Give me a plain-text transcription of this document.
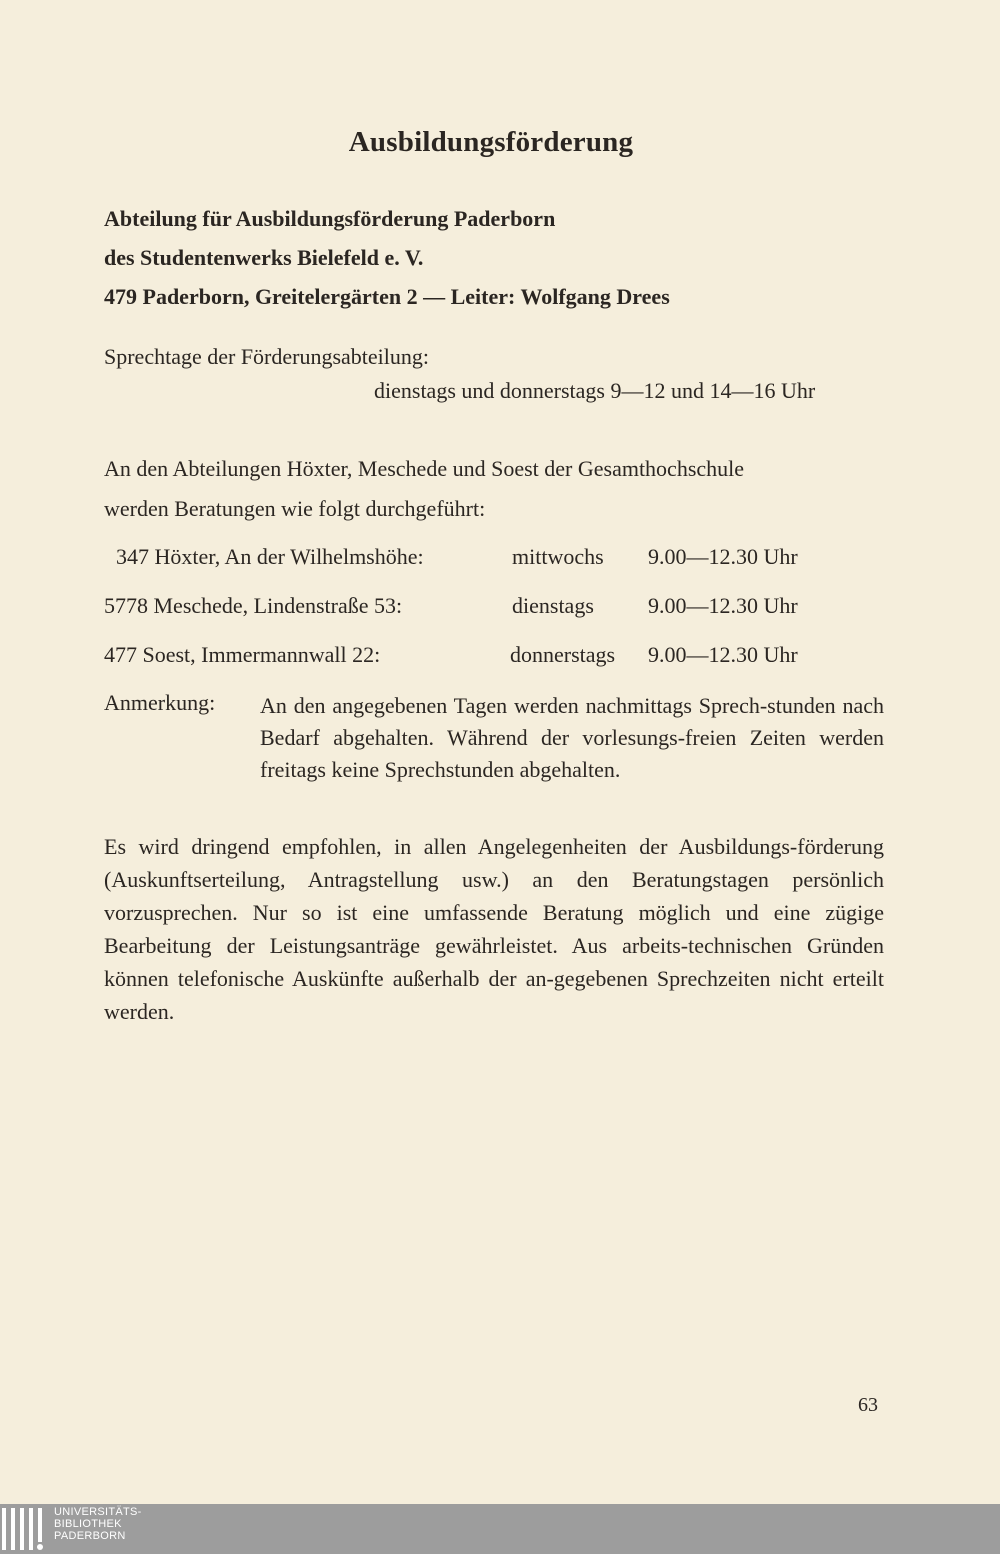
Ausbildungsförderung
Abteilung für Ausbildungsförderung Paderborn
des Studentenwerks Bielefeld e. V.
479 Paderborn, Greitelergärten 2 — Leiter: Wolfgang Drees
Sprechtage der Förderungsabteilung:
dienstags und donnerstags 9—12 und 14—16 Uhr
An den Abteilungen Höxter, Meschede und Soest der Gesamthochschule
werden Beratungen wie folgt durchgeführt:
347 Höxter, An der Wilhelmshöhe:	mittwochs 9.00—12.30 Uhr
5778 Meschede, Lindenstraße 53:	dienstags 9.00—12.30 Uhr
477 Soest, Immermannwall 22:	donnerstags 9.00—12.30 Uhr
Anmerkung: An den angegebenen Tagen werden nachmittags Sprech-stunden nach Bedarf abgehalten. Während der vorlesungs-freien Zeiten werden freitags keine Sprechstunden abgehalten.
Es wird dringend empfohlen, in allen Angelegenheiten der Ausbildungs-förderung (Auskunftserteilung, Antragstellung usw.) an den Beratungstagen persönlich vorzusprechen. Nur so ist eine umfassende Beratung möglich und eine zügige Bearbeitung der Leistungsanträge gewährleistet. Aus arbeits-technischen Gründen können telefonische Auskünfte außerhalb der an-gegebenen Sprechzeiten nicht erteilt werden.
63
UNIVERSITÄTS-
BIBLIOTHEK
PADERBORN
